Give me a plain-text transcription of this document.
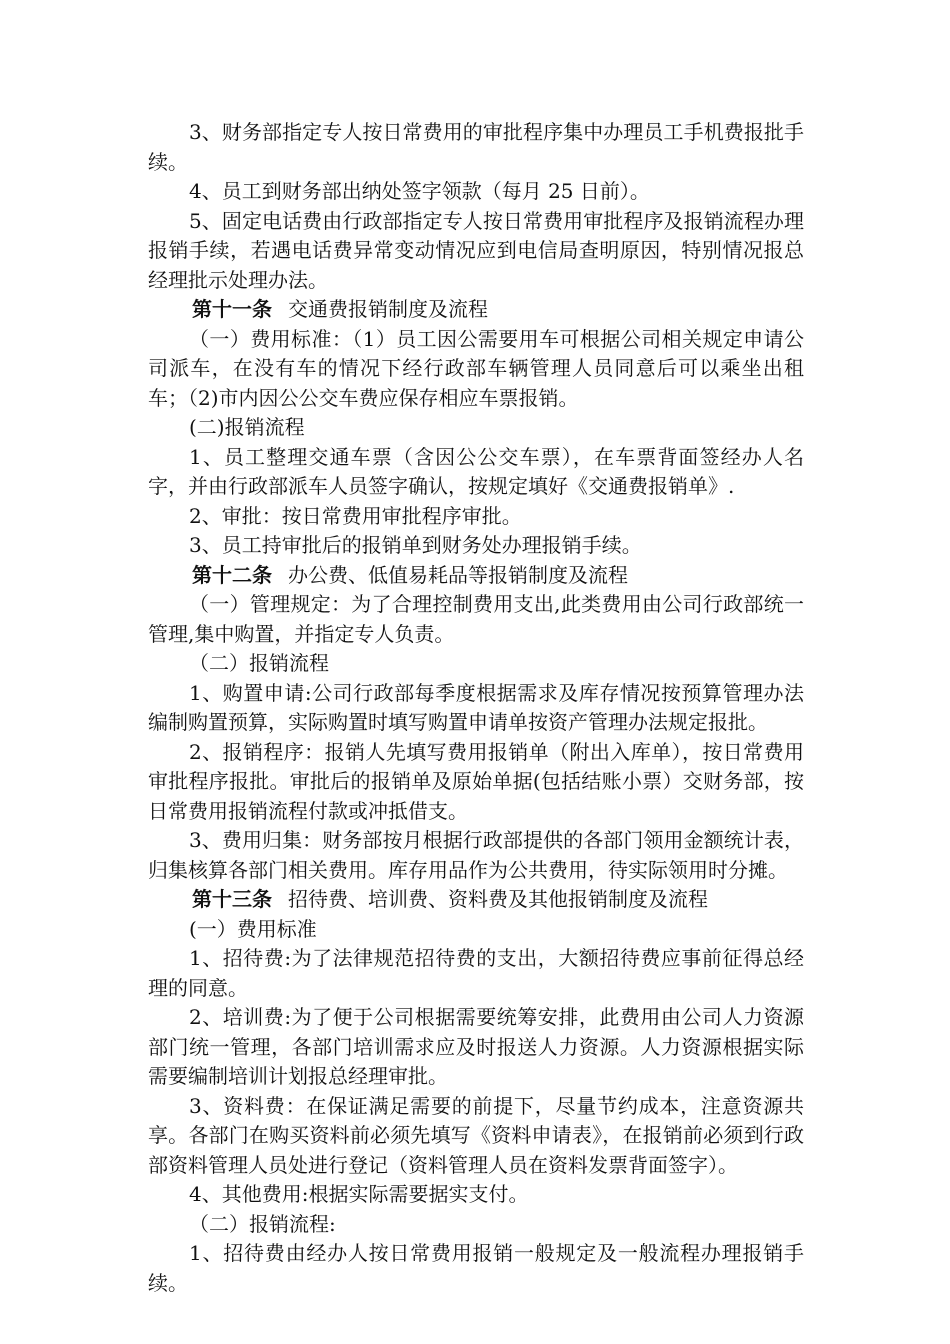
3、财务部指定专人按日常费用的审批程序集中办理员工手机费报批手续。

4、员工到财务部出纳处签字领款（每月 25 日前）。

5、固定电话费由行政部指定专人按日常费用审批程序及报销流程办理报销手续，若遇电话费异常变动情况应到电信局查明原因，特别情况报总经理批示处理办法。

第十一条 交通费报销制度及流程

（一）费用标准：（1）员工因公需要用车可根据公司相关规定申请公司派车，在没有车的情况下经行政部车辆管理人员同意后可以乘坐出租车；（2)市内因公公交车费应保存相应车票报销。

(二)报销流程

1、员工整理交通车票（含因公公交车票），在车票背面签经办人名字，并由行政部派车人员签字确认，按规定填好《交通费报销单》.

2、审批：按日常费用审批程序审批。

3、员工持审批后的报销单到财务处办理报销手续。

第十二条 办公费、低值易耗品等报销制度及流程

（一）管理规定：为了合理控制费用支出,此类费用由公司行政部统一管理,集中购置，并指定专人负责。

（二）报销流程

1、购置申请:公司行政部每季度根据需求及库存情况按预算管理办法编制购置预算，实际购置时填写购置申请单按资产管理办法规定报批。

2、报销程序：报销人先填写费用报销单（附出入库单），按日常费用审批程序报批。审批后的报销单及原始单据(包括结账小票）交财务部，按日常费用报销流程付款或冲抵借支。

3、费用归集：财务部按月根据行政部提供的各部门领用金额统计表，归集核算各部门相关费用。库存用品作为公共费用，待实际领用时分摊。

第十三条 招待费、培训费、资料费及其他报销制度及流程

(一）费用标准

1、招待费:为了法律规范招待费的支出，大额招待费应事前征得总经理的同意。

2、培训费:为了便于公司根据需要统筹安排，此费用由公司人力资源部门统一管理，各部门培训需求应及时报送人力资源。人力资源根据实际需要编制培训计划报总经理审批。

3、资料费：在保证满足需要的前提下，尽量节约成本，注意资源共享。各部门在购买资料前必须先填写《资料申请表》，在报销前必须到行政部资料管理人员处进行登记（资料管理人员在资料发票背面签字）。

4、其他费用:根据实际需要据实支付。

（二）报销流程:

1、招待费由经办人按日常费用报销一般规定及一般流程办理报销手续。
